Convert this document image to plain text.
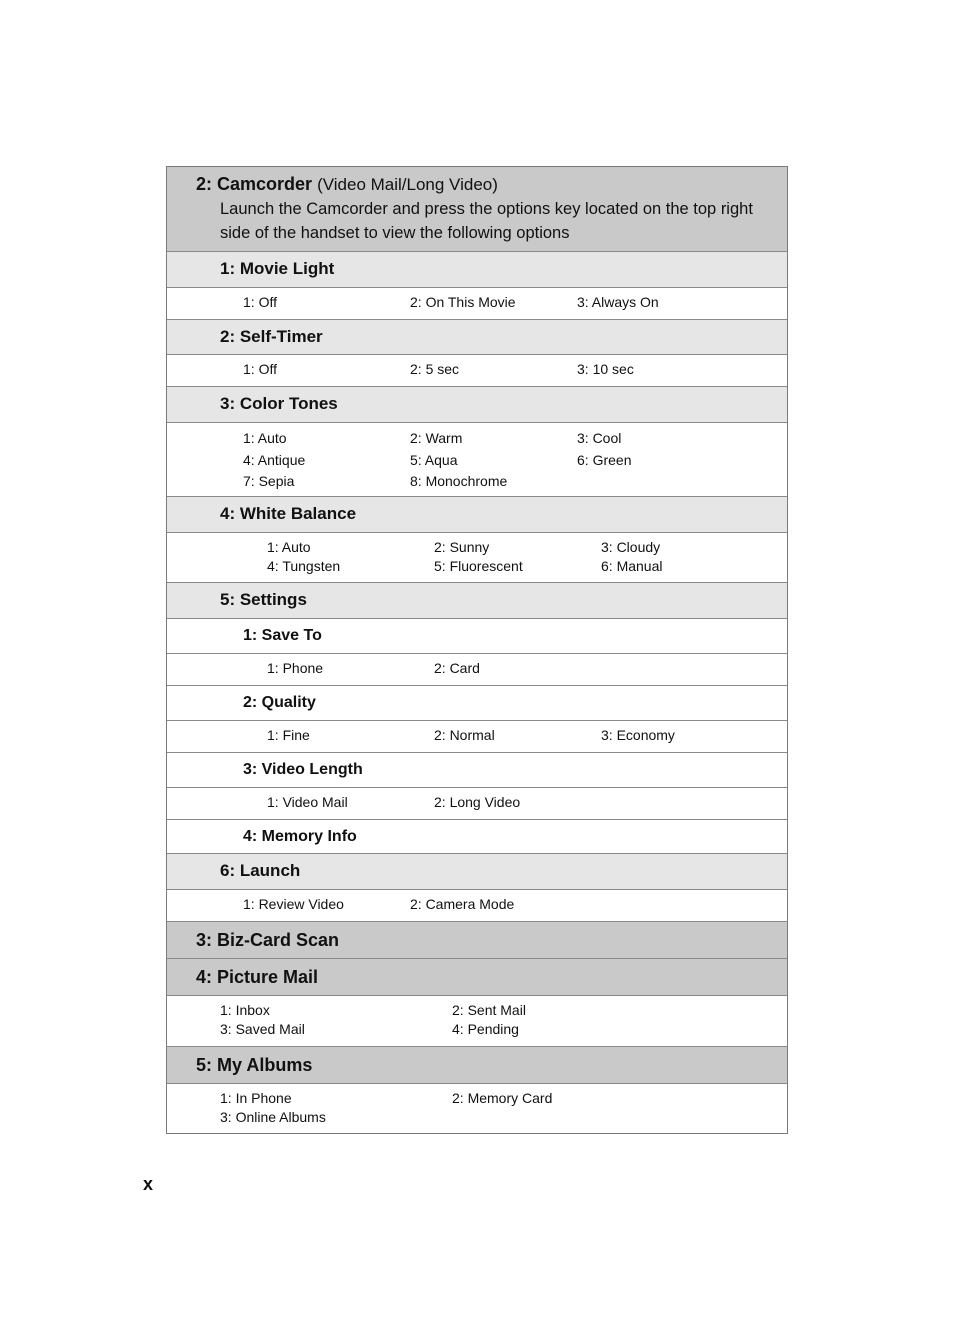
2: Camcorder (Video Mail/Long Video)
Launch the Camcorder and press the options key located on the top right
side of the handset to view the following options
1: Movie Light
1: Off	2: On This Movie	3: Always On
2: Self-Timer
1: Off	2: 5 sec	3: 10 sec
3: Color Tones
1: Auto	2: Warm	3: Cool
4: Antique	5: Aqua	6: Green
7: Sepia	8: Monochrome
4: White Balance
1: Auto	2: Sunny	3: Cloudy
4: Tungsten	5: Fluorescent	6: Manual
5: Settings
1: Save To
1: Phone	2: Card
2: Quality
1: Fine	2: Normal	3: Economy
3: Video Length
1: Video Mail	2: Long Video
4: Memory Info
6: Launch
1: Review Video	2: Camera Mode
3: Biz-Card Scan
4: Picture Mail
1: Inbox	2: Sent Mail
3: Saved Mail	4: Pending
5: My Albums
1: In Phone	2: Memory Card
3: Online Albums
x
